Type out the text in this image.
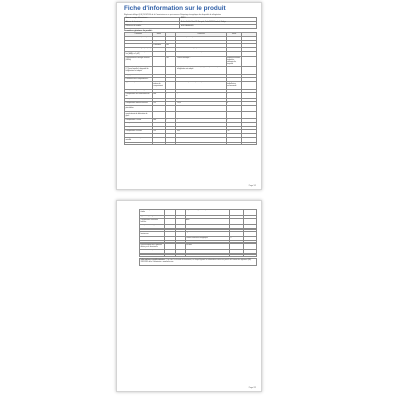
Fiche d'information sur le produit
Règlement délégué (UE) 2019/2016 de la Commission en ce qui concerne l'étiquetage énergétique des dispositifs de réfrigération
Nom ou marque du fournisseur :	BEKO
Adresse du fournisseur :	Ankara Asfaltı Üzeri E5 Karayolu, Tuzla 34950 İstanbul, Türkiye
Référence du modèle :	B3RCNA364HXB
Paramètres généraux du produit :
Paramètre	Valeur		Paramètre	Valeur	
Dimensions hors tout (en mm)	Hauteur	1 862	Volume total (dm³ ou l)	316	
	Largeur	595			
	Profondeur	663			
Indice d'efficacité énergétique (IEE)		93,4	Classe d'efficacité énergétique	D	
Émissions de bruit acoustique dans l'air [dB(A) re 1 pW]		35	Classe d'émission de bruit acoustique dans l'air	B	
Consommation d'énergie annuelle (kWh/a)		241	Classe climatique :	tempérée étendue, tempérée, subtropicale, tropicale	
Température ambiante minimale (°C) pour laquelle le dispositif de réfrigération est adapté		10	Température ambiante maximale (°C) pour laquelle le dispositif de réfrigération est adapté	43	
Réglage hiver		Non			
Paramètres des compartiments :					
Type de compartiment	Paramètres et valeurs du compartiment		Volume du compartiment (dm³ ou l)	Réglage de température recommandé	
Compartiment garde-manger	Non	-	-	-	
Compartiment de conservation du vin	Non	-	-	-	
Compartiment cave	Non	-	-	-	
Compartiment denrées fraîches	Oui		228,0	4	
Compartiment denrées hautement périssables	Non	-	-	-	
Compartiment sans étoile ou compartiment de fabrication de glace	Non	-	-	-	
Compartiment 1 étoile	Non	-	-	-	
Compartiment 2 étoiles	Non	-	-	-	
Compartiment 3 étoiles	Non	-	-	-	
Compartiment 4 étoiles	Oui		88,0	-18	
Section 2 étoiles	Non	-	-	-	
Compartiment à température variable					

Page 1/2
Pour les compartiments 4 étoiles			Capacité de congélation rapide	Oui	
Type de dégivrage					
Compartiment à denrées fraîches			Auto		
Compartiment congélateur			Auto		

Paramètres des sources lumineuses			Type	LED	
			Classe d'efficacité énergétique	F	

Durée minimale de la garantie offerte par le fournisseur			24 mois		
Informations complémentaires					

Informations complémentaires : Lien vers le site web du fournisseur, sur lequel figurent les informations visées au point 4 de l'annexe du règlement (UE) 2019/2019 de la Commission : www.beko.com
Page 2/2
